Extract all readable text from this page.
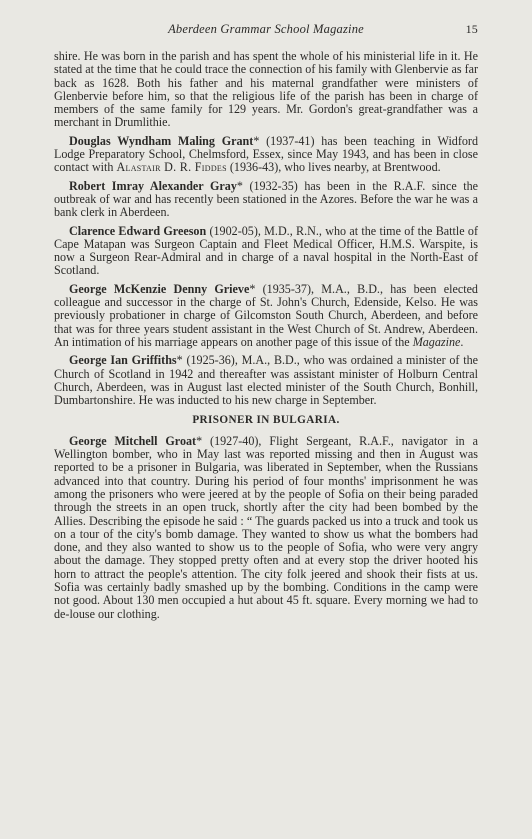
Aberdeen Grammar School Magazine	15

shire. He was born in the parish and has spent the whole of his ministerial life in it. He stated at the time that he could trace the connection of his family with Glenbervie as far back as 1628. Both his father and his maternal grandfather were ministers of Glenbervie before him, so that the religious life of the parish has been in charge of members of the same family for 129 years. Mr. Gordon's great-grandfather was a merchant in Drumlithie.

Douglas Wyndham Maling Grant* (1937-41) has been teaching in Widford Lodge Preparatory School, Chelmsford, Essex, since May 1943, and has been in close contact with Alastair D. R. Fiddes (1936-43), who lives nearby, at Brentwood.

Robert Imray Alexander Gray* (1932-35) has been in the R.A.F. since the outbreak of war and has recently been stationed in the Azores. Before the war he was a bank clerk in Aberdeen.

Clarence Edward Greeson (1902-05), M.D., R.N., who at the time of the Battle of Cape Matapan was Surgeon Captain and Fleet Medical Officer, H.M.S. Warspite, is now a Surgeon Rear-Admiral and in charge of a naval hospital in the North-East of Scotland.

George McKenzie Denny Grieve* (1935-37), M.A., B.D., has been elected colleague and successor in the charge of St. John's Church, Edenside, Kelso. He was previously probationer in charge of Gilcomston South Church, Aberdeen, and before that was for three years student assistant in the West Church of St. Andrew, Aberdeen. An intimation of his marriage appears on another page of this issue of the Magazine.

George Ian Griffiths* (1925-36), M.A., B.D., who was ordained a minister of the Church of Scotland in 1942 and thereafter was assistant minister of Holburn Central Church, Aberdeen, was in August last elected minister of the South Church, Bonhill, Dumbartonshire. He was inducted to his new charge in September.

PRISONER IN BULGARIA.

George Mitchell Groat* (1927-40), Flight Sergeant, R.A.F., navigator in a Wellington bomber, who in May last was reported missing and then in August was reported to be a prisoner in Bulgaria, was liberated in September, when the Russians advanced into that country. During his period of four months' imprisonment he was among the prisoners who were jeered at by the people of Sofia on their being paraded through the streets in an open truck, shortly after the city had been bombed by the Allies. Describing the episode he said : “ The guards packed us into a truck and took us on a tour of the city's bomb damage. They wanted to show us what the bombers had done, and they also wanted to show us to the people of Sofia, who were very angry about the damage. They stopped pretty often and at every stop the driver hooted his horn to attract the people's attention. The city folk jeered and shook their fists at us. Sofia was certainly badly smashed up by the bombing. Conditions in the camp were not good. About 130 men occupied a hut about 45 ft. square. Every morning we had to de-louse our clothing.
